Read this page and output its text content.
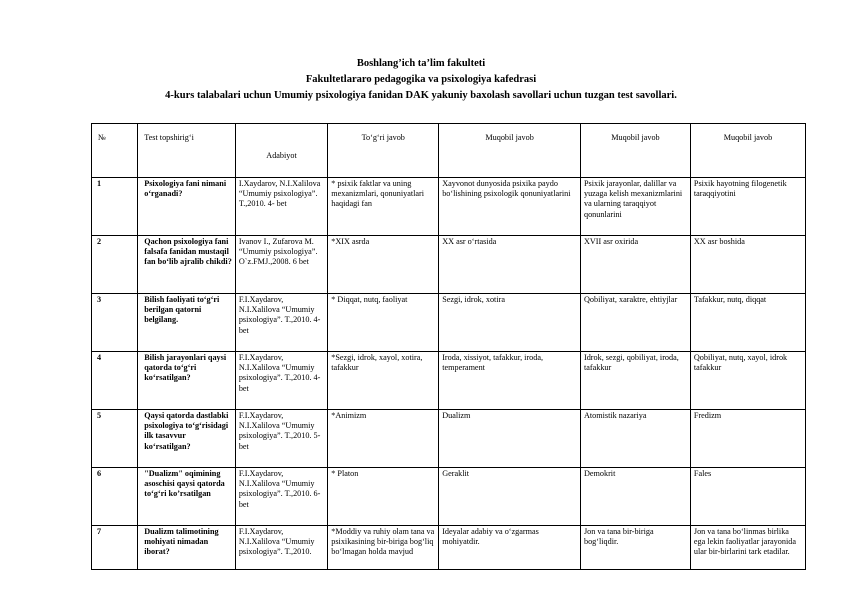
Boshlang’ich ta’lim fakulteti
Fakultetlararo pedagogika va psixologiya kafedrasi
4-kurs talabalari uchun Umumiy psixologiya fanidan DAK yakuniy baxolash savollari uchun tuzgan test savollari.
№	Test topshirig‘i	Adabiyot	To‘g‘ri javob	Muqobil javob	Muqobil javob	Muqobil javob
1	Psixologiya fani nimani o‘rganadi?	I.Xaydarov, N.I.Xalilova “Umumiy psixologiya”. T.,2010. 4- bet	* psixik faktlar va uning mexanizmlari, qonuniyatlari haqidagi fan	Xayvonot dunyosida psixika paydo bo‘lishining psixologik qonuniyatlarini	Psixik jarayonlar, dalillar va yuzaga kelish mexanizmlarini va ularning taraqqiyot qonunlarini	Psixik hayotning filogenetik taraqqiyotini
2	Qachon psixologiya fani falsafa fanidan mustaqil fan bo‘lib ajralib chikdi?	Ivanov I., Zufarova M. “Umumiy psixologiya”. O`z.FMJ.,2008. 6 bet	*XIX asrda	XX asr o‘rtasida	XVII asr oxirida	XX asr boshida
3	Bilish faoliyati to‘g‘ri berilgan qatorni belgilang.	F.I.Xaydarov, N.I.Xalilova “Umumiy psixologiya”. T.,2010. 4- bet	* Diqqat, nutq, faoliyat	Sezgi, idrok, xotira	Qobiliyat, xaraktre, ehtiyjlar	Tafakkur, nutq, diqqat
4	Bilish jarayonlari qaysi qatorda to‘g‘ri ko‘rsatilgan?	F.I.Xaydarov, N.I.Xalilova “Umumiy psixologiya”. T.,2010. 4- bet	*Sezgi, idrok, xayol, xotira, tafakkur	Iroda, xissiyot, tafakkur, iroda, temperament	Idrok, sezgi, qobiliyat, iroda, tafakkur	Qobiliyat, nutq, xayol, idrok tafakkur
5	Qaysi qatorda dastlabki psixologiya to‘g‘risidagi ilk tasavvur ko‘rsatilgan?	F.I.Xaydarov, N.I.Xalilova “Umumiy psixologiya”. T.,2010. 5- bet	*Animizm	Dualizm	Atomistik nazariya	Fredizm
6	"Dualizm" oqimining asoschisi qaysi qatorda to‘g‘ri ko’rsatilgan	F.I.Xaydarov, N.I.Xalilova “Umumiy psixologiya”. T.,2010. 6- bet	* Platon	Geraklit	Demokrit	Fales
7	Dualizm talimotining mohiyati nimadan iborat?	F.I.Xaydarov, N.I.Xalilova “Umumiy psixologiya”. T.,2010.	*Moddiy va ruhiy olam tana va psixikasining bir-biriga bog‘liq bo‘lmagan holda mavjud	Ideyalar adabiy va o‘zgarmas mohiyatdir.	Jon va tana bir-biriga bog‘liqdir.	Jon va tana bo‘linmas birlika ega lekin faoliyatlar jarayonida ular bir-birlarini tark etadilar.
